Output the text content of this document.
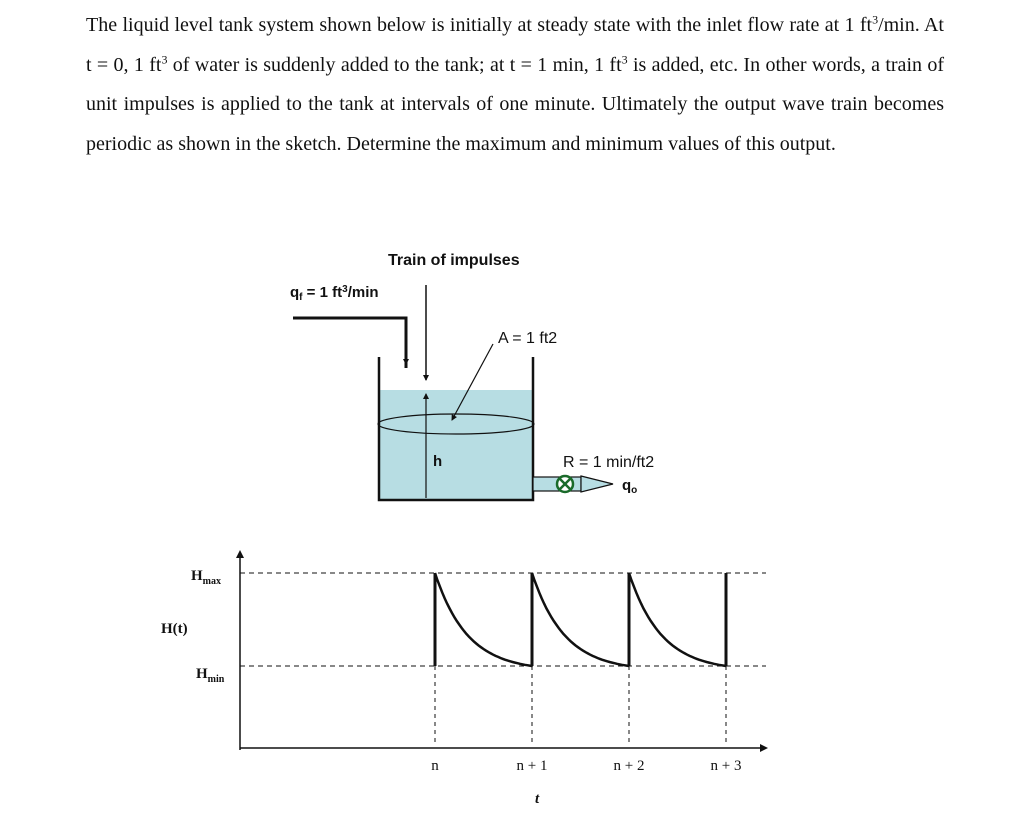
The liquid level tank system shown below is initially at steady state with the inlet flow rate at 1 $ft^3/\min$. At t = 0, 1 $ft^3$ of water is suddenly added to the tank; at t = 1 min, 1 $ft^3$ is added, etc. In other words, a train of unit impulses is applied to the tank at intervals of one minute. Ultimately the output wave train becomes periodic as shown in the sketch. Determine the maximum and minimum values of this output.

Train of impulses
$q_f = 1$ $ft^3/\min$
A = 1 ft2
h	R = 1 min/ft2
$q_o$
$H_{max}$
H(t)
$H_{min}$
t
n	n + 1	n + 2	n + 3
